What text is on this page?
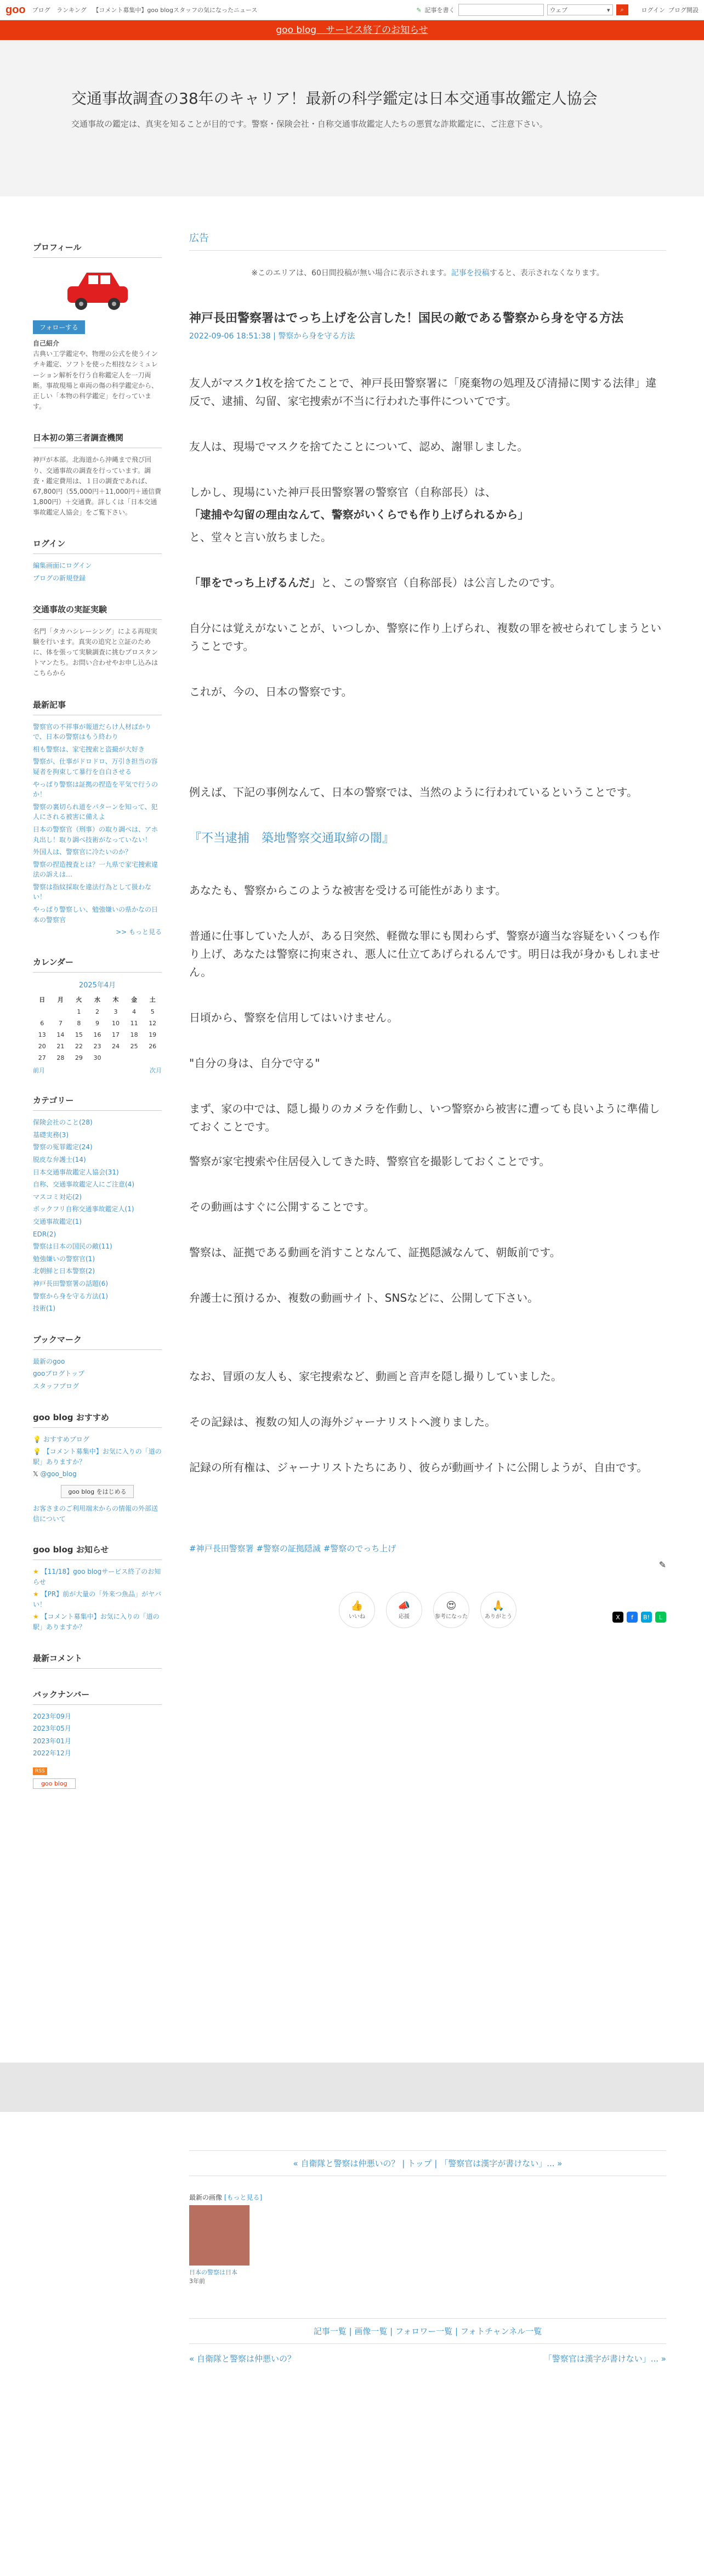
goo ブログ ランキング 【コメント募集中】goo blogスタッフの気になったニュース	✎ 記事を書く	ウェブ	▾ ⌕	ログイン ブログ開設
goo blog　サービス終了のお知らせ
交通事故調査の38年のキャリア！最新の科学鑑定は日本交通事故鑑定人協会
交通事故の鑑定は、真実を知ることが目的です。警察・保険会社・自称交通事故鑑定人たちの悪質な詐欺鑑定に、ご注意下さい。
プロフィール
フォローする
自己紹介
古典い工学鑑定や、物理の公式を使うインチキ鑑定、ソフトを使った相技なシミュレーション解析を行う自称鑑定人を一刀両断。事故現場と車両の傷の科学鑑定から、正しい「本物の科学鑑定」を行っています。
日本初の第三者調査機関
神戸が本部。北海道から沖縄まで飛び回り、交通事故の調査を行っています。調査・鑑定費用は、１日の調査であれば、67,800円（55,000円＋11,000円＋通信費1,800円）＋交通費。詳しくは「日本交通事故鑑定人協会」をご覧下さい。
ログイン
編集画面にログイン
ブログの新規登録
交通事故の実証実験
名門「タカハシレーシング」による再現実験を行います。真実の追究と立証のために、体を張って実験調査に挑むプロスタントマンたち。お問い合わせやお申し込みはこちらから
最新記事
警察官の不祥事が報道だらけ人材ばかりで、日本の警察はもう終わり
相も警察は、家宅捜索と盗撮が大好き
警察が、仕事がドロドロ、万引き担当の容疑者を拘束して暴行を自白させる
やっぱり警察は証拠の捏造を平気で行うのか！
警察の裏切られ道をパターンを知って、犯人にされる被害に備えよ
日本の警察官（刑事）の取り調べは、アホ丸出し！取り調べ技術がなっていない！
外国人は、警察官に冷たいのか？
警察の捏造捜査とは？一九県で家宅捜索違法の訴えは…
警察は指紋採取を違法行為として扱わない！
やっぱり警察しい、勉強嫌いの県かなの日本の警察官
>> もっと見る
カレンダー
2025年4月
日	月	火	水	木	金	土
		1	2	3	4	5
6	7	8	9	10	11	12
13	14	15	16	17	18	19
20	21	22	23	24	25	26
27	28	29	30			
前月	次月
カテゴリー
保険会社のこと(28)
基礎実務(3)
警察の冤罪鑑定(24)
脱皮な弁護士(14)
日本交通事故鑑定人協会(31)
自称、交通事故鑑定人にご注意(4)
マスコミ対応(2)
ボックフリ自称交通事故鑑定人(1)
交通事故鑑定(1)
EDR(2)
警察は日本の国民の敵(11)
勉強嫌いの警察官(1)
北朝鮮と日本警察(2)
神戸長田警察署の話題(6)
警察から身を守る方法(1)
技術(1)
ブックマーク
最新のgoo
gooブログトップ
スタッフブログ
goo blog おすすめ
💡 おすすめブログ
💡 【コメント募集中】お気に入りの「道の駅」ありますか？
𝕏 @goo_blog
goo blog をはじめる
お客さまのご利用端末からの情報の外部送信について
goo blog お知らせ
★ 【11/18】goo blogサービス終了のお知らせ
★ 【PR】前が大量の「外来つ魚品」がヤバい！
★ 【コメント募集中】お気に入りの「道の駅」ありますか？
最新コメント
バックナンバー
2023年09月
2023年05月
2023年01月
2022年12月
RSS
goo blog
広告
※このエリアは、60日間投稿が無い場合に表示されます。記事を投稿すると、表示されなくなります。
神戸長田警察署はでっち上げを公言した！国民の敵である警察から身を守る方法
2022-09-06 18:51:38 | 警察から身を守る方法

友人がマスク1枚を捨てたことで、神戸長田警察署に「廃棄物の処理及び清掃に関する法律」違反で、逮捕、勾留、家宅捜索が不当に行われた事件についてです。

友人は、現場でマスクを捨てたことについて、認め、謝罪しました。

しかし、現場にいた神戸長田警察署の警察官（自称部長）は、

「逮捕や勾留の理由なんて、警察がいくらでも作り上げられるから」

と、堂々と言い放ちました。

「罪をでっち上げるんだ」と、この警察官（自称部長）は公言したのです。

自分には覚えがないことが、いつしか、警察に作り上げられ、複数の罪を被せられてしまうということです。

これが、今の、日本の警察です。

例えば、下記の事例なんて、日本の警察では、当然のように行われているということです。

『不当逮捕　築地警察交通取締の闇』

あなたも、警察からこのような被害を受ける可能性があります。

普通に仕事していた人が、ある日突然、軽微な罪にも関わらず、警察が適当な容疑をいくつも作り上げ、あなたは警察に拘束され、悪人に仕立てあげられるんです。明日は我が身かもしれません。

日頃から、警察を信用してはいけません。

"自分の身は、自分で守る"

まず、家の中では、隠し撮りのカメラを作動し、いつ警察から被害に遭っても良いように準備しておくことです。

警察が家宅捜索や住居侵入してきた時、警察官を撮影しておくことです。

その動画はすぐに公開することです。

警察は、証拠である動画を消すことなんて、証拠隠滅なんて、朝飯前です。

弁護士に預けるか、複数の動画サイト、SNSなどに、公開して下さい。

なお、冒頭の友人も、家宅捜索など、動画と音声を隠し撮りしていました。

その記録は、複数の知人の海外ジャーナリストへ渡りました。

記録の所有権は、ジャーナリストたちにあり、彼らが動画サイトに公開しようが、自由です。

#神戸長田警察署 #警察の証拠隠滅 #警察のでっち上げ
✎
👍
いいね
📣
応援
😍
参考になった
🙏
ありがとう	X	f	B!	L
« 自衛隊と警察は仲悪いの？ | トップ | 「警察官は漢字が書けない」... »
最新の画像 [もっと見る]
日本の警察は日本
3年前
記事一覧 | 画像一覧 | フォロワー一覧 | フォトチャンネル一覧
« 自衛隊と警察は仲悪いの？	「警察官は漢字が書けない」... »
